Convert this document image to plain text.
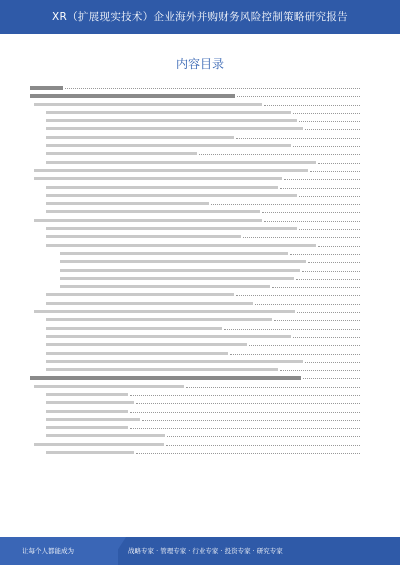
XR（扩展现实技术）企业海外并购财务风险控制策略研究报告
内容目录
让每个人都能成为	战略专家 · 管理专家 · 行业专家 · 投资专家 · 研究专家
